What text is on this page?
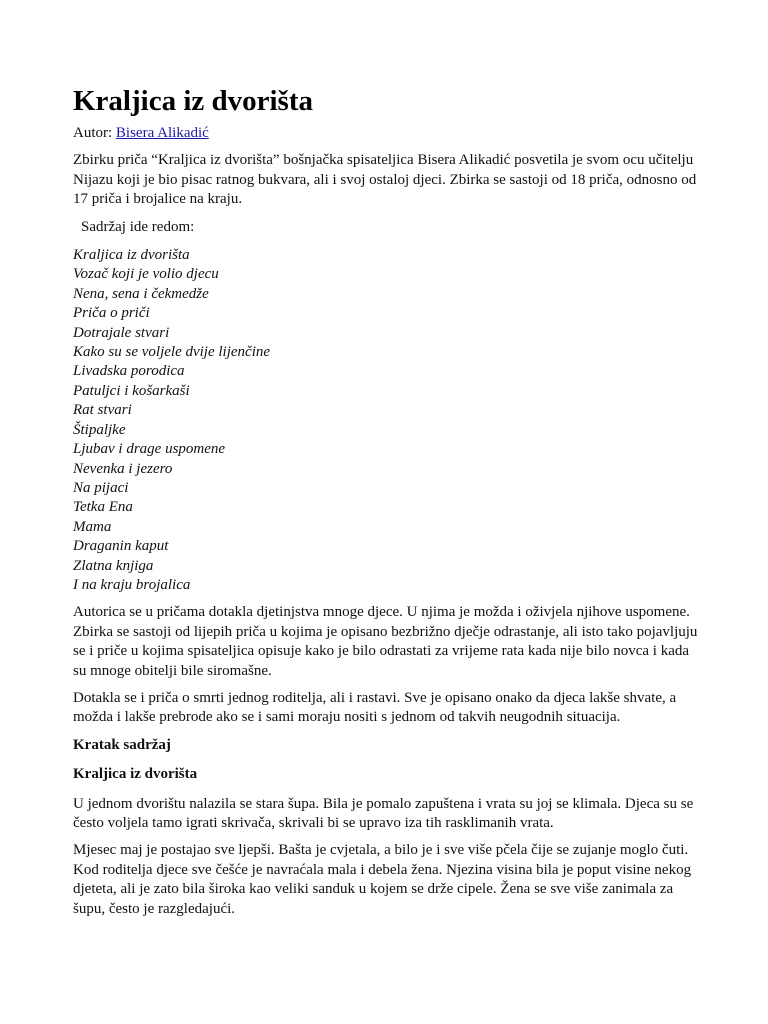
Kraljica iz dvorišta

Autor: Bisera Alikadić

Zbirku priča “Kraljica iz dvorišta” bošnjačka spisateljica Bisera Alikadić posvetila je svom ocu učitelju Nijazu koji je bio pisac ratnog bukvara, ali i svoj ostaloj djeci. Zbirka se sastoji od 18 priča, odnosno od 17 priča i brojalice na kraju.

Sadržaj ide redom:

Kraljica iz dvorišta
Vozač koji je volio djecu
Nena, sena i čekmedže
Priča o priči
Dotrajale stvari
Kako su se voljele dvije lijenčine
Livadska porodica
Patuljci i košarkaši
Rat stvari
Štipaljke
Ljubav i drage uspomene
Nevenka i jezero
Na pijaci
Tetka Ena
Mama
Draganin kaput
Zlatna knjiga
I na kraju brojalica

Autorica se u pričama dotakla djetinjstva mnoge djece. U njima je možda i oživjela njihove uspomene. Zbirka se sastoji od lijepih priča u kojima je opisano bezbrižno dječje odrastanje, ali isto tako pojavljuju se i priče u kojima spisateljica opisuje kako je bilo odrastati za vrijeme rata kada nije bilo novca i kada su mnoge obitelji bile siromašne.

Dotakla se i priča o smrti jednog roditelja, ali i rastavi. Sve je opisano onako da djeca lakše shvate, a možda i lakše prebrode ako se i sami moraju nositi s jednom od takvih neugodnih situacija.

Kratak sadržaj

Kraljica iz dvorišta

U jednom dvorištu nalazila se stara šupa. Bila je pomalo zapuštena i vrata su joj se klimala. Djeca su se često voljela tamo igrati skrivača, skrivali bi se upravo iza tih rasklimanih vrata.

Mjesec maj je postajao sve ljepši. Bašta je cvjetala, a bilo je i sve više pčela čije se zujanje moglo čuti. Kod roditelja djece sve češće je navraćala mala i debela žena. Njezina visina bila je poput visine nekog djeteta, ali je zato bila široka kao veliki sanduk u kojem se drže cipele. Žena se sve više zanimala za šupu, često je razgledajući.
